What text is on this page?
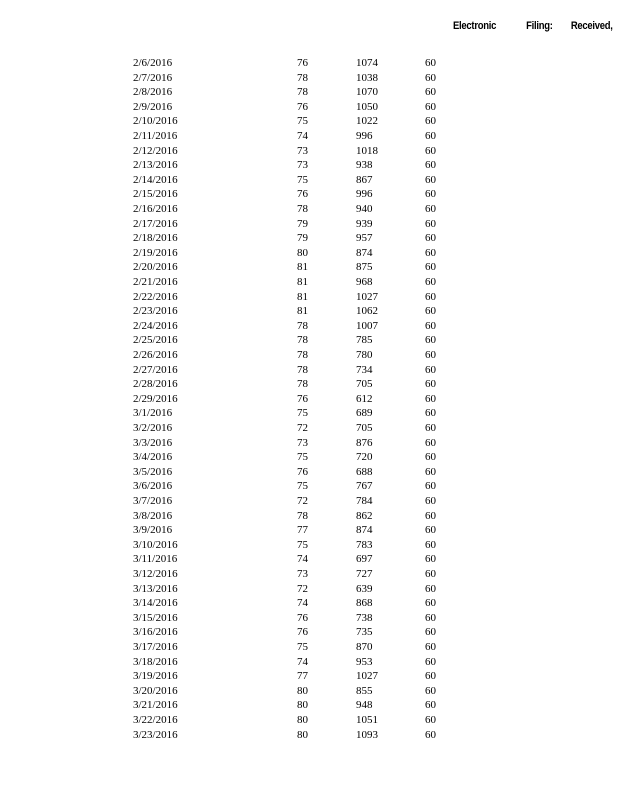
Electronic	Filing: Received,
2/6/2016	76	1074	60
2/7/2016	78	1038	60
2/8/2016	78	1070	60
2/9/2016	76	1050	60
2/10/2016	75	1022	60
2/11/2016	74	996	60
2/12/2016	73	1018	60
2/13/2016	73	938	60
2/14/2016	75	867	60
2/15/2016	76	996	60
2/16/2016	78	940	60
2/17/2016	79	939	60
2/18/2016	79	957	60
2/19/2016	80	874	60
2/20/2016	81	875	60
2/21/2016	81	968	60
2/22/2016	81	1027	60
2/23/2016	81	1062	60
2/24/2016	78	1007	60
2/25/2016	78	785	60
2/26/2016	78	780	60
2/27/2016	78	734	60
2/28/2016	78	705	60
2/29/2016	76	612	60
3/1/2016	75	689	60
3/2/2016	72	705	60
3/3/2016	73	876	60
3/4/2016	75	720	60
3/5/2016	76	688	60
3/6/2016	75	767	60
3/7/2016	72	784	60
3/8/2016	78	862	60
3/9/2016	77	874	60
3/10/2016	75	783	60
3/11/2016	74	697	60
3/12/2016	73	727	60
3/13/2016	72	639	60
3/14/2016	74	868	60
3/15/2016	76	738	60
3/16/2016	76	735	60
3/17/2016	75	870	60
3/18/2016	74	953	60
3/19/2016	77	1027	60
3/20/2016	80	855	60
3/21/2016	80	948	60
3/22/2016	80	1051	60
3/23/2016	80	1093	60
